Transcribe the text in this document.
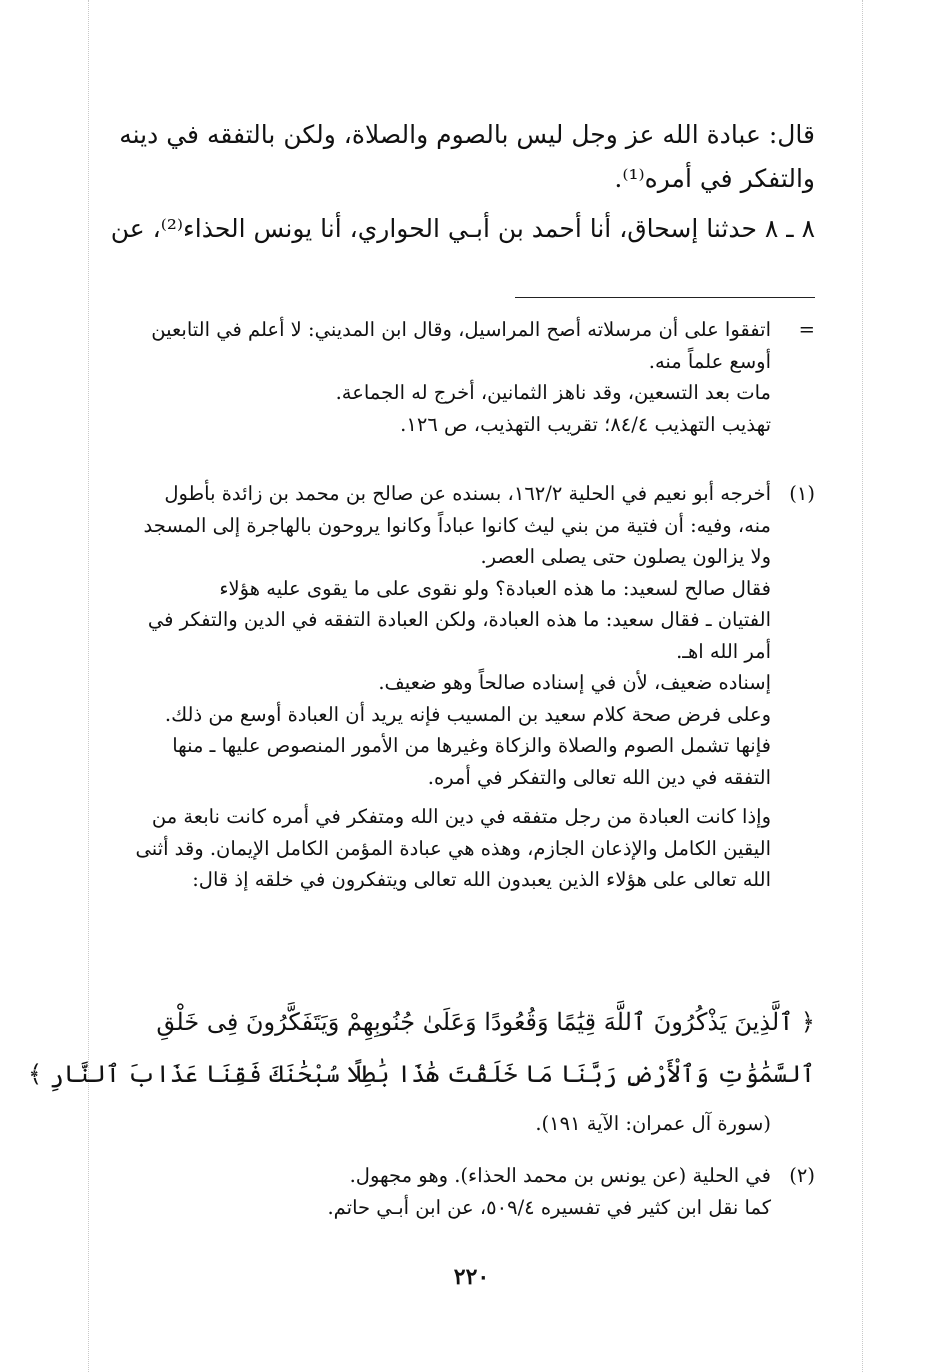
قال: عبادة الله عز وجل ليس بالصوم والصلاة، ولكن بالتفقه في دينه
والتفكر في أمره⁽¹⁾.
٨ ـ ٨ حدثنا إسحاق، أنا أحمد بن أبـي الحواري، أنا يونس الحذاء⁽²⁾، عن
=
اتفقوا على أن مرسلاته أصح المراسيل، وقال ابن المديني: لا أعلم في التابعين
أوسع علماً منه.
مات بعد التسعين، وقد ناهز الثمانين، أخرج له الجماعة.
تهذيب التهذيب ٨٤/٤؛ تقريب التهذيب، ص ١٢٦.
(١)
أخرجه أبو نعيم في الحلية ١٦٢/٢، بسنده عن صالح بن محمد بن زائدة بأطول
منه، وفيه: أن فتية من بني ليث كانوا عباداً وكانوا يروحون بالهاجرة إلى المسجد
ولا يزالون يصلون حتى يصلى العصر.
فقال صالح لسعيد: ما هذه العبادة؟ ولو نقوى على ما يقوى عليه هؤلاء
الفتيان ـ فقال سعيد: ما هذه العبادة، ولكن العبادة التفقه في الدين والتفكر في
أمر الله اهـ.
إسناده ضعيف، لأن في إسناده صالحاً وهو ضعيف.
وعلى فرض صحة كلام سعيد بن المسيب فإنه يريد أن العبادة أوسع من ذلك.
فإنها تشمل الصوم والصلاة والزكاة وغيرها من الأمور المنصوص عليها ـ منها
التفقه في دين الله تعالى والتفكر في أمره.
وإذا كانت العبادة من رجل متفقه في دين الله ومتفكر في أمره كانت نابعة من
اليقين الكامل والإذعان الجازم، وهذه هي عبادة المؤمن الكامل الإيمان. وقد أثنى
الله تعالى على هؤلاء الذين يعبدون الله تعالى ويتفكرون في خلقه إذ قال:
﴿ ٱلَّذِينَ يَذْكُرُونَ ٱللَّهَ قِيَٰمًا وَقُعُودًا وَعَلَىٰ جُنُوبِهِمْ وَيَتَفَكَّرُونَ فِى خَلْقِ
ٱلسَّمَٰوَٰتِ وَٱلْأَرْضِ رَبَّنَا مَا خَلَقْتَ هَٰذَا بَٰطِلًا سُبْحَٰنَكَ فَقِنَا عَذَابَ ٱلنَّارِ ﴾
(سورة آل عمران: الآية ١٩١).
(٢)
في الحلية (عن يونس بن محمد الحذاء). وهو مجهول.
كما نقل ابن كثير في تفسيره ٥٠٩/٤، عن ابن أبـي حاتم.
٢٢٠
